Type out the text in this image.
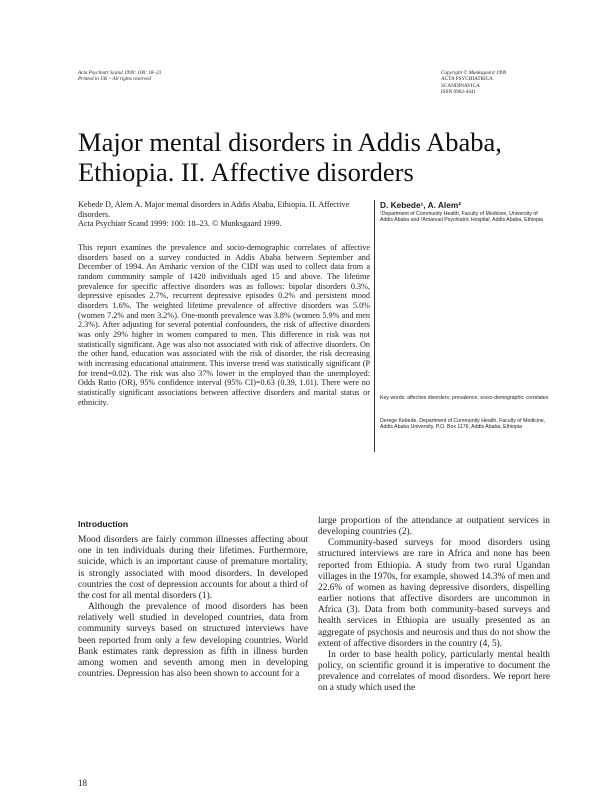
Acta Psychiatr Scand 1999: 100: 18–23
Printed in UK – All rights reserved
Copyright © Munksgaard 1999
ACTA PSYCHIATRICA
SCANDINAVICA
ISSN 0902-4441
Major mental disorders in Addis Ababa, Ethiopia. II. Affective disorders
Kebede D, Alem A. Major mental disorders in Addis Ababa, Ethiopia. II. Affective disorders.
Acta Psychiatr Scand 1999: 100: 18–23. © Munksgaard 1999.

This report examines the prevalence and socio-demographic correlates of affective disorders based on a survey conducted in Addis Ababa between September and December of 1994. An Amharic version of the CIDI was used to collect data from a random community sample of 1420 individuals aged 15 and above. The lifetime prevalence for specific affective disorders was as follows: bipolar disorders 0.3%, depressive episodes 2.7%, recurrent depressive episodes 0.2% and persistent mood disorders 1.6%. The weighted lifetime prevalence of affective disorders was 5.0% (women 7.2% and men 3.2%). One-month prevalence was 3.8% (women 5.9% and men 2.3%). After adjusting for several potential confounders, the risk of affective disorders was only 29% higher in women compared to men. This difference in risk was not statistically significant. Age was also not associated with risk of affective disorders. On the other hand, education was associated with the risk of disorder, the risk decreasing with increasing educational attainment. This inverse trend was statistically significant (P for trend=0.02). The risk was also 37% lower in the employed than the unemployed: Odds Ratio (OR), 95% confidence interval (95% CI)=0.63 (0.39, 1.01). There were no statistically significant associations between affective disorders and marital status or ethnicity.

D. Kebede¹, A. Alem²
¹Department of Community Health, Faculty of Medicine, University of Addis Ababa and ²Amanuel Psychiatric Hospital, Addis Ababa, Ethiopia
Key words: affective disorders; prevalence; socio-demographic correlates
Derege Kebede, Department of Community Health, Faculty of Medicine, Addis Ababa University, P.O. Box 1176, Addis Ababa, Ethiopia
Introduction

Mood disorders are fairly common illnesses affecting about one in ten individuals during their lifetimes. Furthermore, suicide, which is an important cause of premature mortality, is strongly associated with mood disorders. In developed countries the cost of depression accounts for about a third of the cost for all mental disorders (1).

Although the prevalence of mood disorders has been relatively well studied in developed countries, data from community surveys based on structured interviews have been reported from only a few developing countries. World Bank estimates rank depression as fifth in illness burden among women and seventh among men in developing countries. Depression has also been shown to account for a

large proportion of the attendance at outpatient services in developing countries (2).

Community-based surveys for mood disorders using structured interviews are rare in Africa and none has been reported from Ethiopia. A study from two rural Ugandan villages in the 1970s, for example, showed 14.3% of men and 22.6% of women as having depressive disorders, dispelling earlier notions that affective disorders are uncommon in Africa (3). Data from both community-based surveys and health services in Ethiopia are usually presented as an aggregate of psychosis and neurosis and thus do not show the extent of affective disorders in the country (4, 5).

In order to base health policy, particularly mental health policy, on scientific ground it is imperative to document the prevalence and correlates of mood disorders. We report here on a study which used the

18
